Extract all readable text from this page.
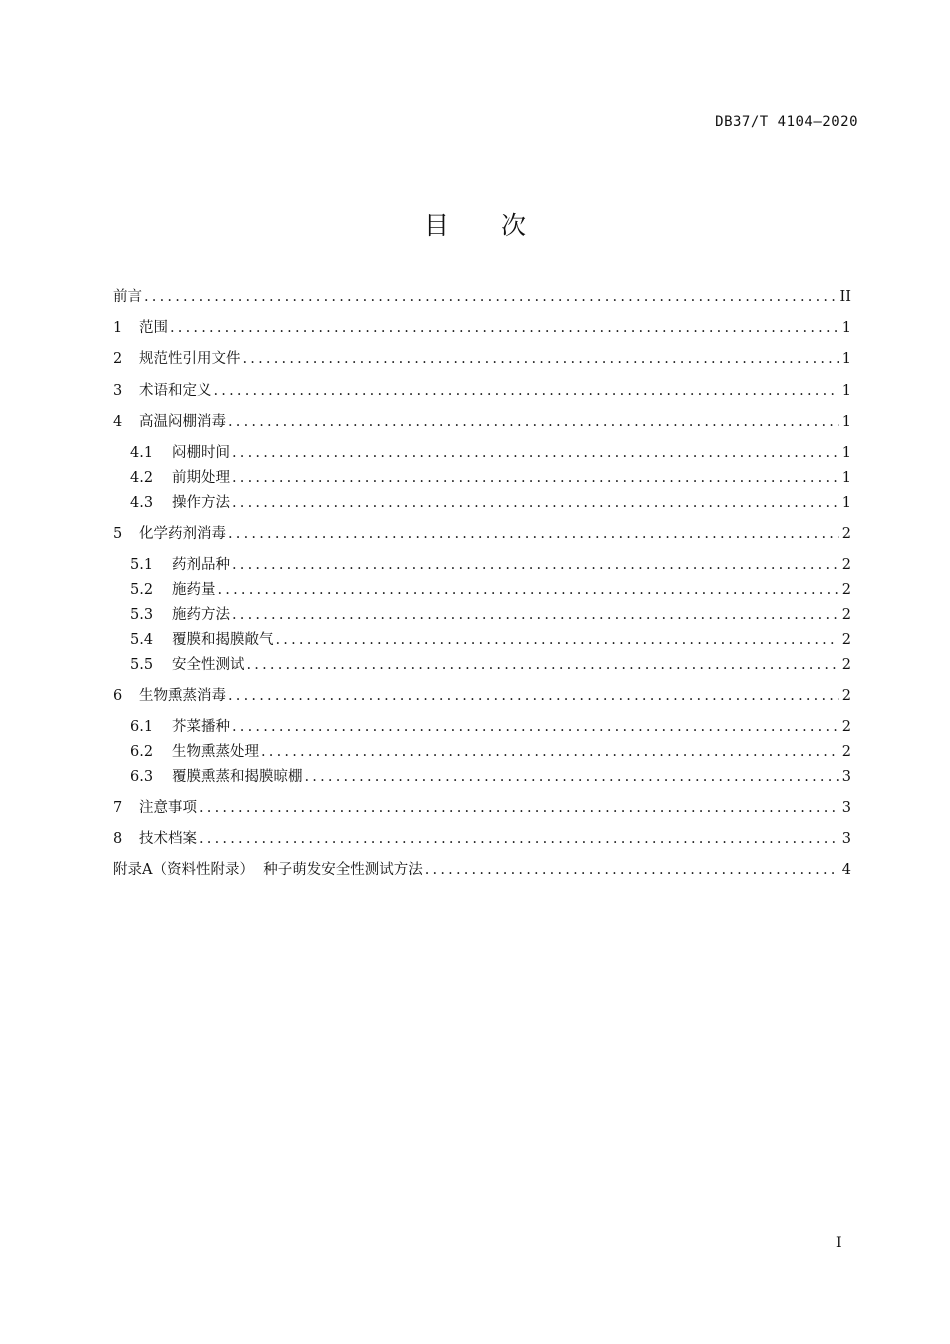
DB37/T 4104—2020
目 次
前言 .....	II
1	范围 .....	1
2	规范性引用文件 .....	1
3	术语和定义 .....	1
4	高温闷棚消毒 .....	1
4.1	闷棚时间 .....	1
4.2	前期处理 .....	1
4.3	操作方法 .....	1
5	化学药剂消毒 .....	2
5.1	药剂品种 .....	2
5.2	施药量 .....	2
5.3	施药方法 .....	2
5.4	覆膜和揭膜敞气 .....	2
5.5	安全性测试 .....	2
6	生物熏蒸消毒 .....	2
6.1	芥菜播种 .....	2
6.2	生物熏蒸处理 .....	2
6.3	覆膜熏蒸和揭膜晾棚 .....	3
7	注意事项 .....	3
8	技术档案 .....	3
附录A（资料性附录）  种子萌发安全性测试方法 .....	4
I
